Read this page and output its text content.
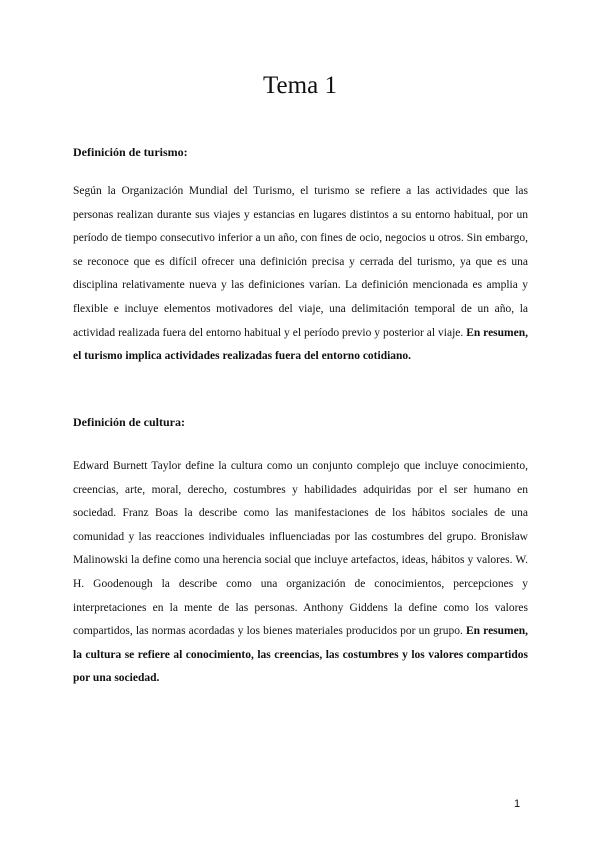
Tema 1
Definición de turismo:

Según la Organización Mundial del Turismo, el turismo se refiere a las actividades que las personas realizan durante sus viajes y estancias en lugares distintos a su entorno habitual, por un período de tiempo consecutivo inferior a un año, con fines de ocio, negocios u otros. Sin embargo, se reconoce que es difícil ofrecer una definición precisa y cerrada del turismo, ya que es una disciplina relativamente nueva y las definiciones varían. La definición mencionada es amplia y flexible e incluye elementos motivadores del viaje, una delimitación temporal de un año, la actividad realizada fuera del entorno habitual y el período previo y posterior al viaje. En resumen, el turismo implica actividades realizadas fuera del entorno cotidiano.

Definición de cultura:

Edward Burnett Taylor define la cultura como un conjunto complejo que incluye conocimiento, creencias, arte, moral, derecho, costumbres y habilidades adquiridas por el ser humano en sociedad. Franz Boas la describe como las manifestaciones de los hábitos sociales de una comunidad y las reacciones individuales influenciadas por las costumbres del grupo. Bronisław Malinowski la define como una herencia social que incluye artefactos, ideas, hábitos y valores. W. H. Goodenough la describe como una organización de conocimientos, percepciones y interpretaciones en la mente de las personas. Anthony Giddens la define como los valores compartidos, las normas acordadas y los bienes materiales producidos por un grupo. En resumen, la cultura se refiere al conocimiento, las creencias, las costumbres y los valores compartidos por una sociedad.

1
